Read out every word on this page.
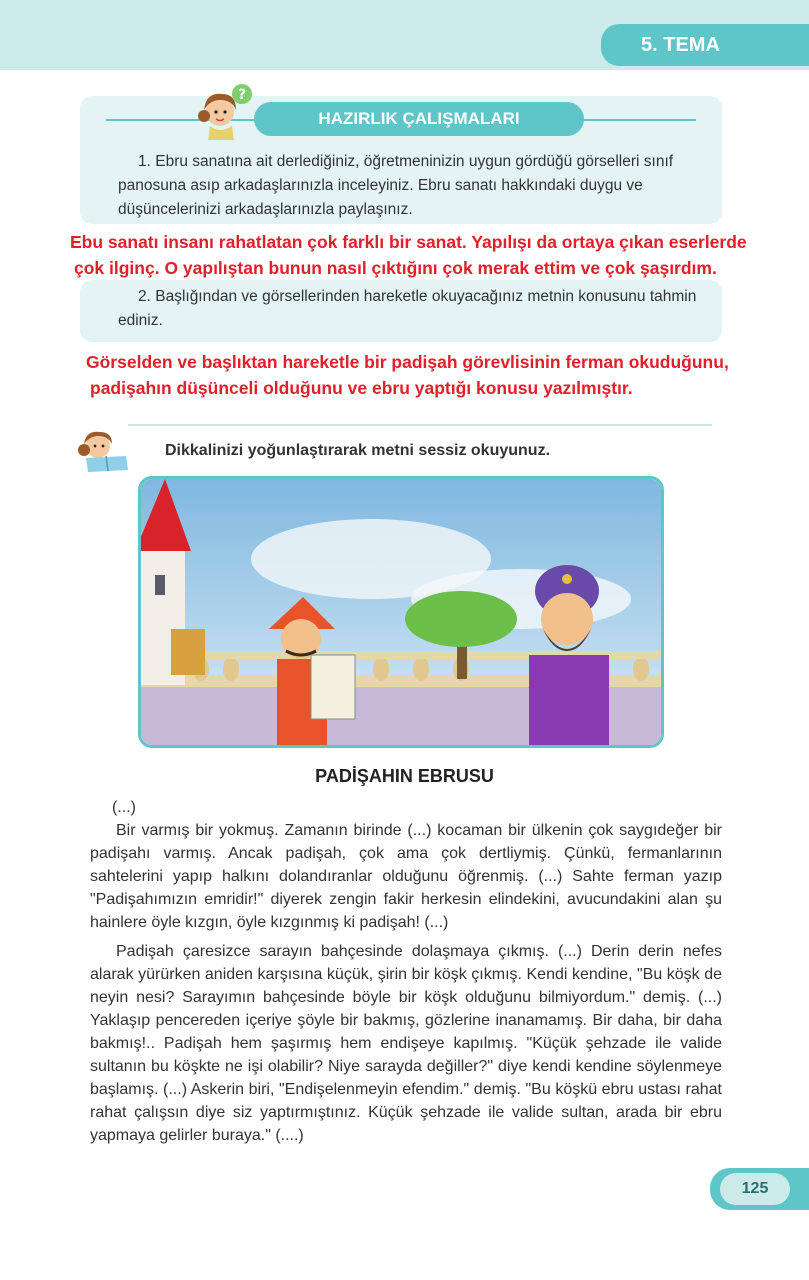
5. TEMA
?
HAZIRLIK ÇALIŞMALARI
1. Ebru sanatına ait derlediğiniz, öğretmeninizin uygun gördüğü görselleri sınıf panosuna asıp arkadaşlarınızla inceleyiniz. Ebru sanatı hakkındaki duygu ve düşüncelerinizi arkadaşlarınızla paylaşınız.
Ebu sanatı insanı rahatlatan çok farklı bir sanat. Yapılışı da ortaya çıkan eserlerde
çok ilginç. O yapılıştan bunun nasıl çıktığını çok merak ettim ve çok şaşırdım.
2. Başlığından ve görsellerinden hareketle okuyacağınız metnin konusunu tahmin ediniz.
Görselden ve başlıktan hareketle bir padişah görevlisinin ferman okuduğunu,
padişahın düşünceli olduğunu ve ebru yaptığı konusu yazılmıştır.
Dikkalinizi yoğunlaştırarak metni sessiz okuyunuz.
PADİŞAHIN EBRUSU

(...)

Bir varmış bir yokmuş. Zamanın birinde (...) kocaman bir ülkenin çok saygıdeğer bir padişahı varmış. Ancak padişah, çok ama çok dertliymiş. Çünkü, fermanlarının sahtelerini yapıp halkını dolandıranlar olduğunu öğrenmiş. (...) Sahte ferman yazıp "Padişahımızın emridir!" diyerek zengin fakir herkesin elindekini, avucundakini alan şu hainlere öyle kızgın, öyle kızgınmış ki padişah! (...)

Padişah çaresizce sarayın bahçesinde dolaşmaya çıkmış. (...) Derin derin nefes alarak yürürken aniden karşısına küçük, şirin bir köşk çıkmış. Kendi kendine, "Bu köşk de neyin nesi? Sarayımın bahçesinde böyle bir köşk olduğunu bilmiyordum." demiş. (...) Yaklaşıp pencereden içeriye şöyle bir bakmış, gözlerine inanamamış. Bir daha, bir daha bakmış!.. Padişah hem şaşırmış hem endişeye kapılmış. "Küçük şehzade ile valide sultanın bu köşkte ne işi olabilir? Niye sarayda değiller?" diye kendi kendine söylenmeye başlamış. (...) Askerin biri, "Endişelenmeyin efendim." demiş. "Bu köşkü ebru ustası rahat rahat çalışsın diye siz yaptırmıştınız. Küçük şehzade ile valide sultan, arada bir ebru yapmaya gelirler buraya." (....)

125
